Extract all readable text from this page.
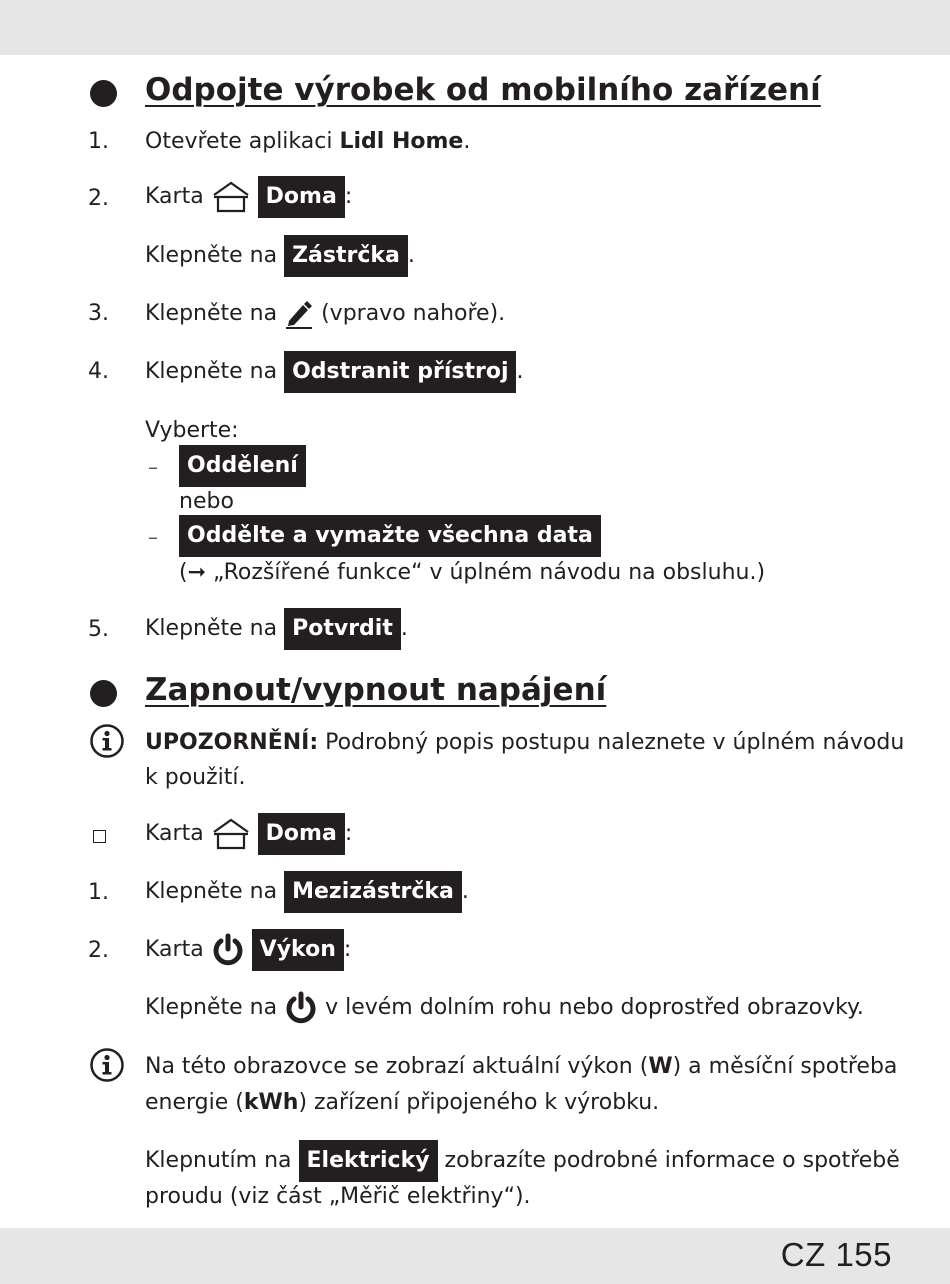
Odpojte výrobek od mobilního zařízení
1. Otevřete aplikaci Lidl Home.
2. Karta	Doma :
Klepněte na Zástrčka .
3. Klepněte na  (vpravo nahoře).
4. Klepněte na Odstranit přístroj .
Vyberte:
–	Oddělení
nebo
–	Oddělte a vymažte všechna data
(➞ „Rozšířené funkce“ v úplném návodu na obsluhu.)
5. Klepněte na Potvrdit .
Zapnout/vypnout napájení
UPOZORNĚNÍ: Podrobný popis postupu naleznete v úplném návodu
k použití.
Karta	Doma :
1. Klepněte na Mezizástrčka .
2. Karta  Výkon :
Klepněte na  v levém dolním rohu nebo doprostřed obrazovky.
Na této obrazovce se zobrazí aktuální výkon (W) a měsíční spotřeba
energie (kWh) zařízení připojeného k výrobku.
Klepnutím na Elektrický zobrazíte podrobné informace o spotřebě
proudu (viz část „Měřič elektřiny“).
CZ 155
